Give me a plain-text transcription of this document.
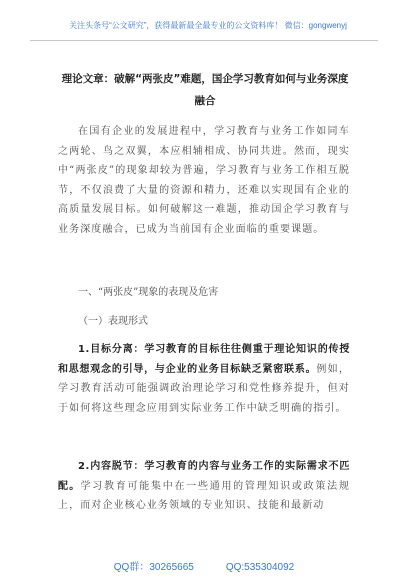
关注头条号“公文研究”，获得最新最全最专业的公文资料库！ 微信：gongwenyj
理论文章：破解“两张皮”难题，国企学习教育如何与业务深度融合
在国有企业的发展进程中，学习教育与业务工作如同车之两轮、鸟之双翼，本应相辅相成、协同共进。然而，现实中“两张皮”的现象却较为普遍，学习教育与业务工作相互脱节，不仅浪费了大量的资源和精力，还难以实现国有企业的高质量发展目标。如何破解这一难题，推动国企学习教育与业务深度融合，已成为当前国有企业面临的重要课题。
一、“两张皮”现象的表现及危害
（一）表现形式
1.目标分离：学习教育的目标往往侧重于理论知识的传授和思想观念的引导，与企业的业务目标缺乏紧密联系。例如，学习教育活动可能强调政治理论学习和党性修养提升，但对于如何将这些理念应用到实际业务工作中缺乏明确的指引。
2.内容脱节：学习教育的内容与业务工作的实际需求不匹配。学习教育可能集中在一些通用的管理知识或政策法规上，而对企业核心业务领域的专业知识、技能和最新动
QQ群：30265665	QQ:535304092
